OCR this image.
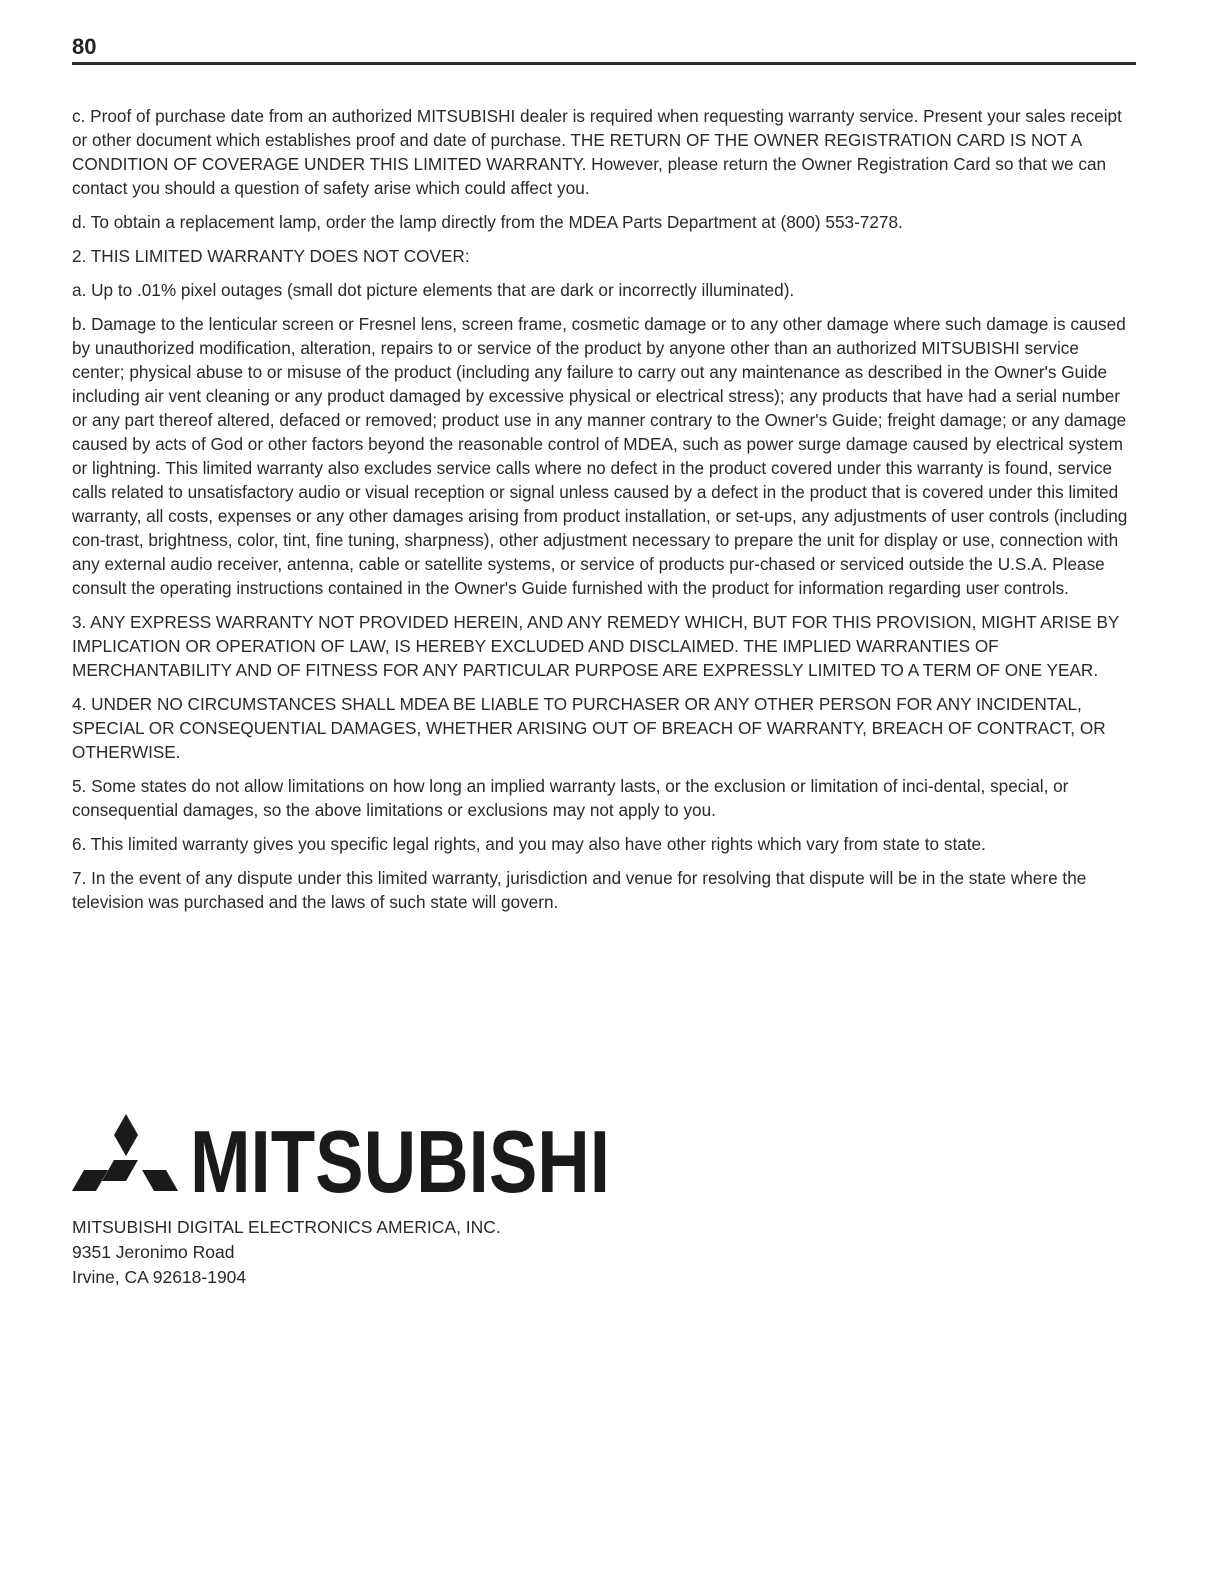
80

c. Proof of purchase date from an authorized MITSUBISHI dealer is required when requesting warranty service. Present your sales receipt or other document which establishes proof and date of purchase. THE RETURN OF THE OWNER REGISTRATION CARD IS NOT A CONDITION OF COVERAGE UNDER THIS LIMITED WARRANTY. However, please return the Owner Registration Card so that we can contact you should a question of safety arise which could affect you.

d. To obtain a replacement lamp, order the lamp directly from the MDEA Parts Department at (800) 553-7278.

2. THIS LIMITED WARRANTY DOES NOT COVER:

a. Up to .01% pixel outages (small dot picture elements that are dark or incorrectly illuminated).

b. Damage to the lenticular screen or Fresnel lens, screen frame, cosmetic damage or to any other damage where such damage is caused by unauthorized modification, alteration, repairs to or service of the product by anyone other than an authorized MITSUBISHI service center; physical abuse to or misuse of the product (including any failure to carry out any maintenance as described in the Owner's Guide including air vent cleaning or any product damaged by excessive physical or electrical stress); any products that have had a serial number or any part thereof altered, defaced or removed; product use in any manner contrary to the Owner's Guide; freight damage; or any damage caused by acts of God or other factors beyond the reasonable control of MDEA, such as power surge damage caused by electrical system or lightning. This limited warranty also excludes service calls where no defect in the product covered under this warranty is found, service calls related to unsatisfactory audio or visual reception or signal unless caused by a defect in the product that is covered under this limited warranty, all costs, expenses or any other damages arising from product installation, or set-ups, any adjustments of user controls (including con-trast, brightness, color, tint, fine tuning, sharpness), other adjustment necessary to prepare the unit for display or use, connection with any external audio receiver, antenna, cable or satellite systems, or service of products pur-chased or serviced outside the U.S.A. Please consult the operating instructions contained in the Owner's Guide furnished with the product for information regarding user controls.

3. ANY EXPRESS WARRANTY NOT PROVIDED HEREIN, AND ANY REMEDY WHICH, BUT FOR THIS PROVISION, MIGHT ARISE BY IMPLICATION OR OPERATION OF LAW, IS HEREBY EXCLUDED AND DISCLAIMED. THE IMPLIED WARRANTIES OF MERCHANTABILITY AND OF FITNESS FOR ANY PARTICULAR PURPOSE ARE EXPRESSLY LIMITED TO A TERM OF ONE YEAR.

4. UNDER NO CIRCUMSTANCES SHALL MDEA BE LIABLE TO PURCHASER OR ANY OTHER PERSON FOR ANY INCIDENTAL, SPECIAL OR CONSEQUENTIAL DAMAGES, WHETHER ARISING OUT OF BREACH OF WARRANTY, BREACH OF CONTRACT, OR OTHERWISE.

5. Some states do not allow limitations on how long an implied warranty lasts, or the exclusion or limitation of inci-dental, special, or consequential damages, so the above limitations or exclusions may not apply to you.

6. This limited warranty gives you specific legal rights, and you may also have other rights which vary from state to state.

7. In the event of any dispute under this limited warranty, jurisdiction and venue for resolving that dispute will be in the state where the television was purchased and the laws of such state will govern.

MITSUBISHI
MITSUBISHI DIGITAL ELECTRONICS AMERICA, INC.
9351 Jeronimo Road
Irvine, CA 92618-1904
